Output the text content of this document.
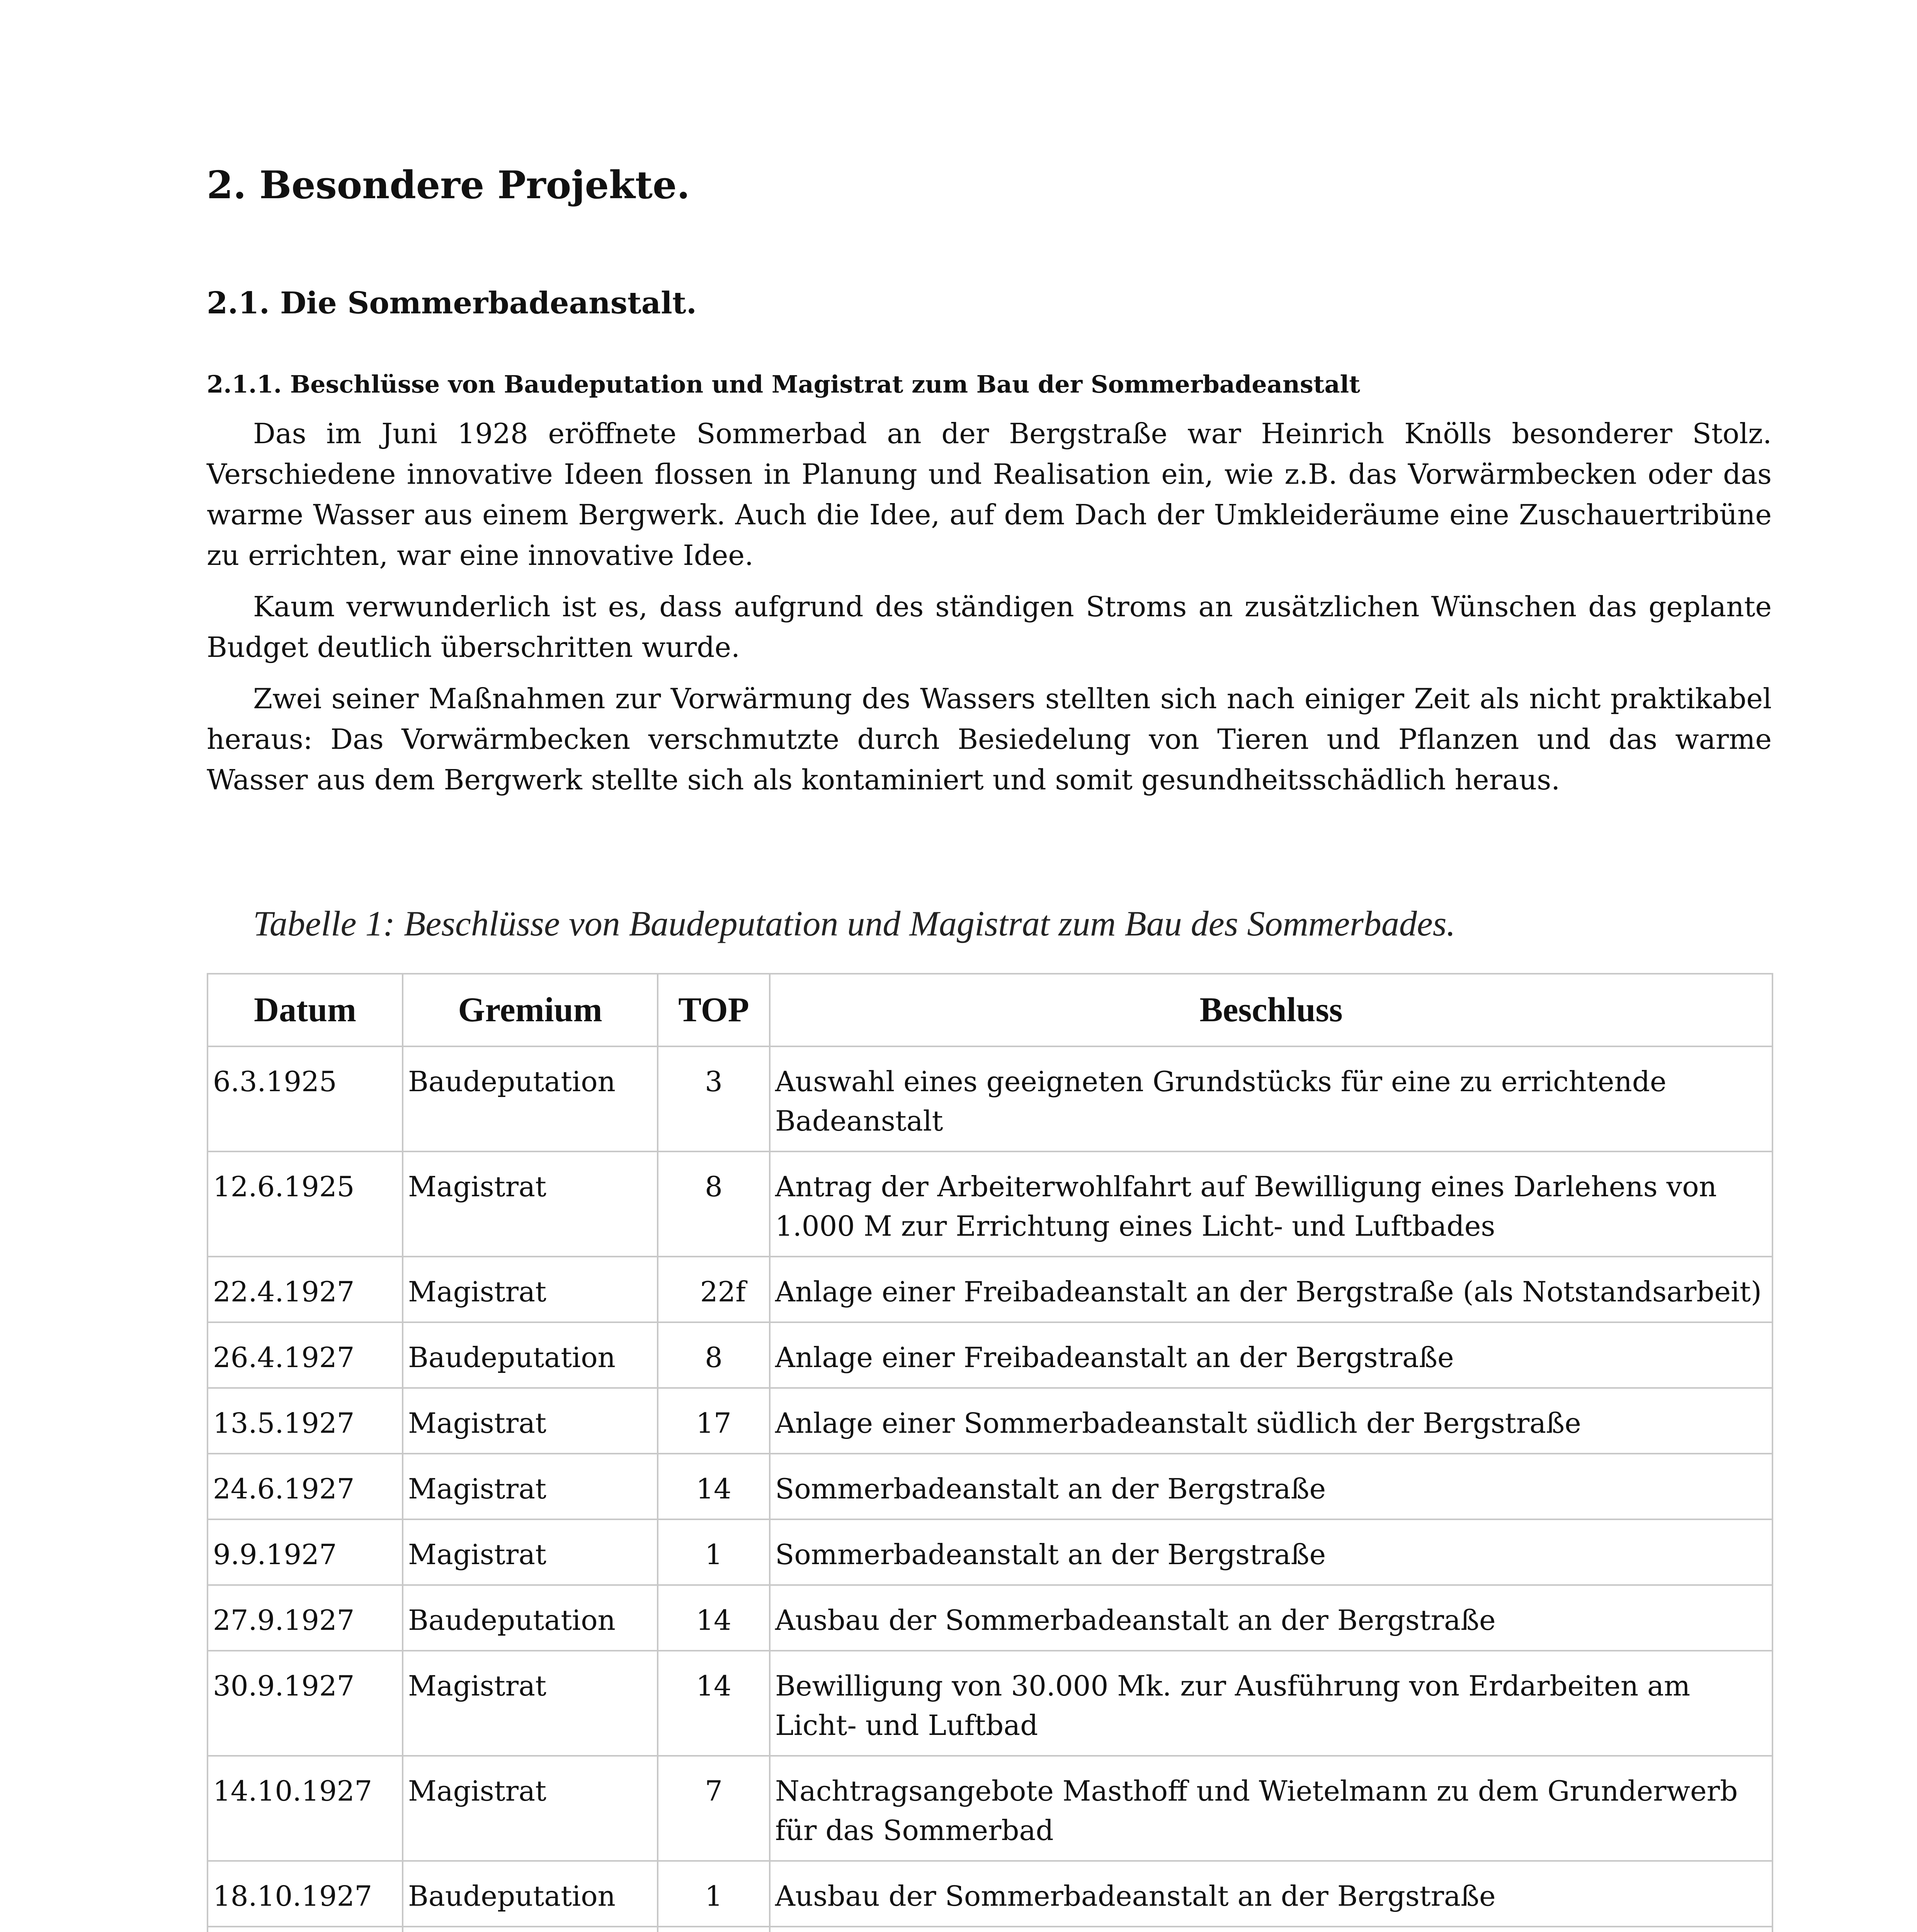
2. Besondere Projekte.
2.1. Die Sommerbadeanstalt.
2.1.1. Beschlüsse von Baudeputation und Magistrat zum Bau der Sommerbadeanstalt

Das im Juni 1928 eröffnete Sommerbad an der Bergstraße war Heinrich Knölls besonderer Stolz. Verschiedene innovative Ideen flossen in Planung und Realisation ein, wie z.B. das Vorwärmbecken oder das warme Wasser aus einem Bergwerk. Auch die Idee, auf dem Dach der Umkleideräume eine Zuschauertribüne zu errichten, war eine innovative Idee.

Kaum verwunderlich ist es, dass aufgrund des ständigen Stroms an zusätzlichen Wünschen das geplante Budget deutlich überschritten wurde.

Zwei seiner Maßnahmen zur Vorwärmung des Wassers stellten sich nach einiger Zeit als nicht praktikabel heraus: Das Vorwärmbecken verschmutzte durch Besiedelung von Tieren und Pflanzen und das warme Wasser aus dem Bergwerk stellte sich als kontaminiert und somit gesundheitsschädlich heraus.

Tabelle 1: Beschlüsse von Baudeputation und Magistrat zum Bau des Sommerbades.

Datum	Gremium	TOP	Beschluss
6.3.1925	Baudeputation	3	Auswahl eines geeigneten Grundstücks für eine zu errichtende Badeanstalt
12.6.1925	Magistrat	8	Antrag der Arbeiterwohlfahrt auf Bewilligung eines Darlehens von 1.000 M zur Errichtung eines Licht- und Luftbades
22.4.1927	Magistrat	22f	Anlage einer Freibadeanstalt an der Bergstraße (als Notstandsarbeit)
26.4.1927	Baudeputation	8	Anlage einer Freibadeanstalt an der Bergstraße
13.5.1927	Magistrat	17	Anlage einer Sommerbadeanstalt südlich der Bergstraße
24.6.1927	Magistrat	14	Sommerbadeanstalt an der Bergstraße
9.9.1927	Magistrat	1	Sommerbadeanstalt an der Bergstraße
27.9.1927	Baudeputation	14	Ausbau der Sommerbadeanstalt an der Bergstraße
30.9.1927	Magistrat	14	Bewilligung von 30.000 Mk. zur Ausführung von Erdarbeiten am Licht- und Luftbad
14.10.1927	Magistrat	7	Nachtragsangebote Masthoff und Wietelmann zu dem Grunderwerb für das Sommerbad
18.10.1927	Baudeputation	1	Ausbau der Sommerbadeanstalt an der Bergstraße
